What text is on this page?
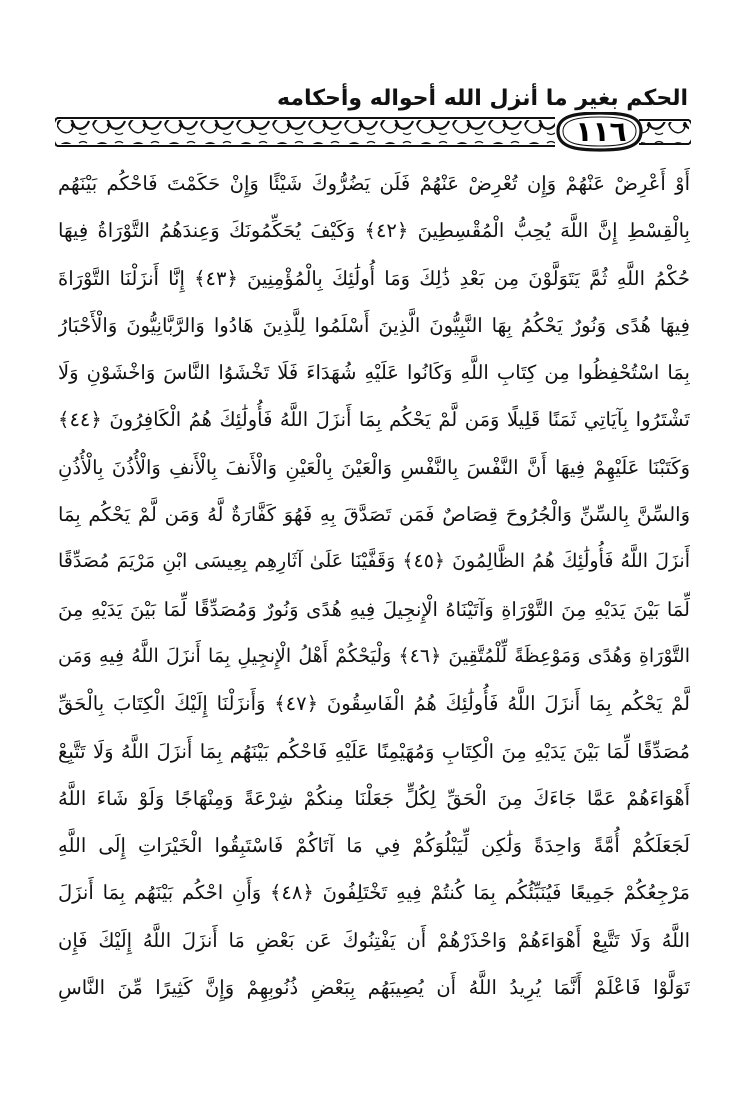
الحكم بغير ما أنزل الله أحواله وأحكامه
١١٦
أَوْ أَعْرِضْ عَنْهُمْ وَإِن تُعْرِضْ عَنْهُمْ فَلَن يَضُرُّوكَ شَيْئًا وَإِنْ حَكَمْتَ فَاحْكُم بَيْنَهُم
بِالْقِسْطِ إِنَّ اللَّهَ يُحِبُّ الْمُقْسِطِينَ ﴿٤٢﴾ وَكَيْفَ يُحَكِّمُونَكَ وَعِندَهُمُ التَّوْرَاةُ فِيهَا
حُكْمُ اللَّهِ ثُمَّ يَتَوَلَّوْنَ مِن بَعْدِ ذَٰلِكَ وَمَا أُولَٰئِكَ بِالْمُؤْمِنِينَ ﴿٤٣﴾ إِنَّا أَنزَلْنَا التَّوْرَاةَ
فِيهَا هُدًى وَنُورٌ يَحْكُمُ بِهَا النَّبِيُّونَ الَّذِينَ أَسْلَمُوا لِلَّذِينَ هَادُوا وَالرَّبَّانِيُّونَ وَالْأَحْبَارُ
بِمَا اسْتُحْفِظُوا مِن كِتَابِ اللَّهِ وَكَانُوا عَلَيْهِ شُهَدَاءَ فَلَا تَخْشَوُا النَّاسَ وَاخْشَوْنِ وَلَا
تَشْتَرُوا بِآيَاتِي ثَمَنًا قَلِيلًا وَمَن لَّمْ يَحْكُم بِمَا أَنزَلَ اللَّهُ فَأُولَٰئِكَ هُمُ الْكَافِرُونَ ﴿٤٤﴾
وَكَتَبْنَا عَلَيْهِمْ فِيهَا أَنَّ النَّفْسَ بِالنَّفْسِ وَالْعَيْنَ بِالْعَيْنِ وَالْأَنفَ بِالْأَنفِ وَالْأُذُنَ بِالْأُذُنِ
وَالسِّنَّ بِالسِّنِّ وَالْجُرُوحَ قِصَاصٌ فَمَن تَصَدَّقَ بِهِ فَهُوَ كَفَّارَةٌ لَّهُ وَمَن لَّمْ يَحْكُم بِمَا
أَنزَلَ اللَّهُ فَأُولَٰئِكَ هُمُ الظَّالِمُونَ ﴿٤٥﴾ وَقَفَّيْنَا عَلَىٰ آثَارِهِم بِعِيسَى ابْنِ مَرْيَمَ مُصَدِّقًا
لِّمَا بَيْنَ يَدَيْهِ مِنَ التَّوْرَاةِ وَآتَيْنَاهُ الْإِنجِيلَ فِيهِ هُدًى وَنُورٌ وَمُصَدِّقًا لِّمَا بَيْنَ يَدَيْهِ مِنَ
التَّوْرَاةِ وَهُدًى وَمَوْعِظَةً لِّلْمُتَّقِينَ ﴿٤٦﴾ وَلْيَحْكُمْ أَهْلُ الْإِنجِيلِ بِمَا أَنزَلَ اللَّهُ فِيهِ وَمَن
لَّمْ يَحْكُم بِمَا أَنزَلَ اللَّهُ فَأُولَٰئِكَ هُمُ الْفَاسِقُونَ ﴿٤٧﴾ وَأَنزَلْنَا إِلَيْكَ الْكِتَابَ بِالْحَقِّ
مُصَدِّقًا لِّمَا بَيْنَ يَدَيْهِ مِنَ الْكِتَابِ وَمُهَيْمِنًا عَلَيْهِ فَاحْكُم بَيْنَهُم بِمَا أَنزَلَ اللَّهُ وَلَا تَتَّبِعْ
أَهْوَاءَهُمْ عَمَّا جَاءَكَ مِنَ الْحَقِّ لِكُلٍّ جَعَلْنَا مِنكُمْ شِرْعَةً وَمِنْهَاجًا وَلَوْ شَاءَ اللَّهُ
لَجَعَلَكُمْ أُمَّةً وَاحِدَةً وَلَٰكِن لِّيَبْلُوَكُمْ فِي مَا آتَاكُمْ فَاسْتَبِقُوا الْخَيْرَاتِ إِلَى اللَّهِ
مَرْجِعُكُمْ جَمِيعًا فَيُنَبِّئُكُم بِمَا كُنتُمْ فِيهِ تَخْتَلِفُونَ ﴿٤٨﴾ وَأَنِ احْكُم بَيْنَهُم بِمَا أَنزَلَ
اللَّهُ وَلَا تَتَّبِعْ أَهْوَاءَهُمْ وَاحْذَرْهُمْ أَن يَفْتِنُوكَ عَن بَعْضِ مَا أَنزَلَ اللَّهُ إِلَيْكَ فَإِن
تَوَلَّوْا فَاعْلَمْ أَنَّمَا يُرِيدُ اللَّهُ أَن يُصِيبَهُم بِبَعْضِ ذُنُوبِهِمْ وَإِنَّ كَثِيرًا مِّنَ النَّاسِ
